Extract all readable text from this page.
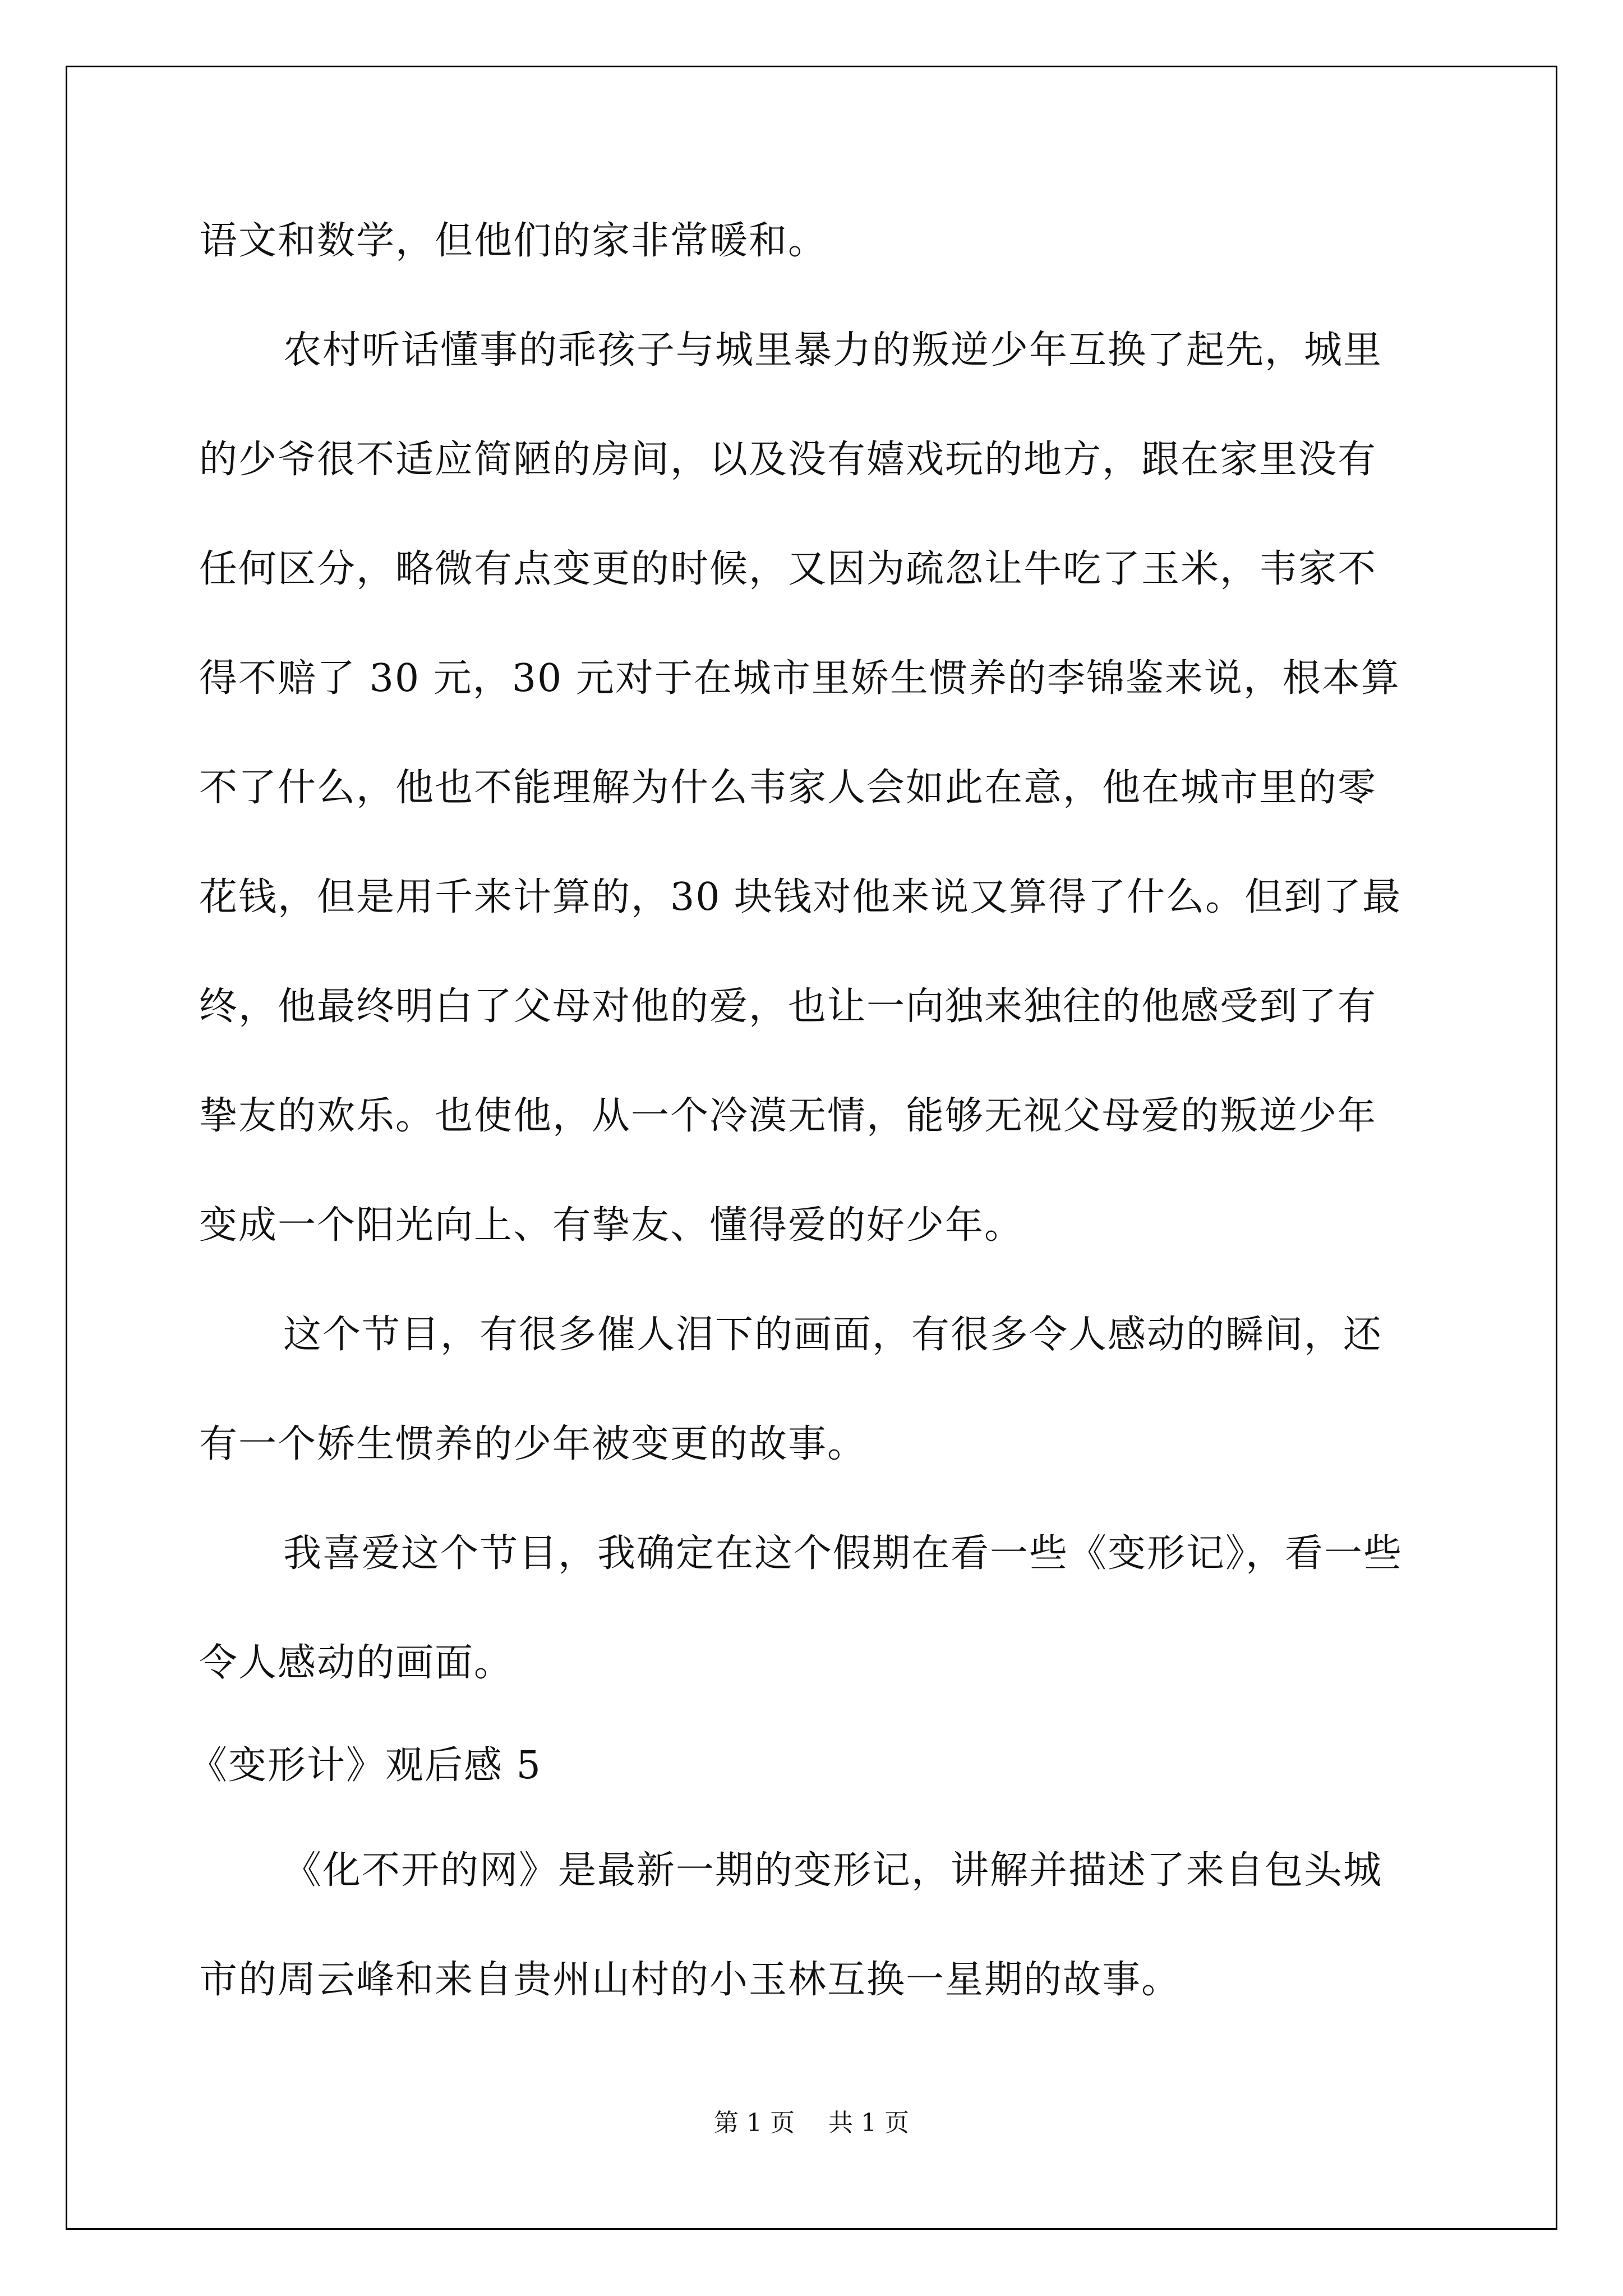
语文和数学，但他们的家非常暖和。
农村听话懂事的乖孩子与城里暴力的叛逆少年互换了起先，城里
的少爷很不适应简陋的房间，以及没有嬉戏玩的地方，跟在家里没有
任何区分，略微有点变更的时候，又因为疏忽让牛吃了玉米，韦家不
得不赔了 30 元，30 元对于在城市里娇生惯养的李锦鉴来说，根本算
不了什么，他也不能理解为什么韦家人会如此在意，他在城市里的零
花钱，但是用千来计算的，30 块钱对他来说又算得了什么。但到了最
终，他最终明白了父母对他的爱，也让一向独来独往的他感受到了有
挚友的欢乐。也使他，从一个冷漠无情，能够无视父母爱的叛逆少年
变成一个阳光向上、有挚友、懂得爱的好少年。
这个节目，有很多催人泪下的画面，有很多令人感动的瞬间，还
有一个娇生惯养的少年被变更的故事。
我喜爱这个节目，我确定在这个假期在看一些《变形记》，看一些
令人感动的画面。
《变形计》观后感 5
《化不开的网》是最新一期的变形记，讲解并描述了来自包头城
市的周云峰和来自贵州山村的小玉林互换一星期的故事。
第 1 页 共 1 页
